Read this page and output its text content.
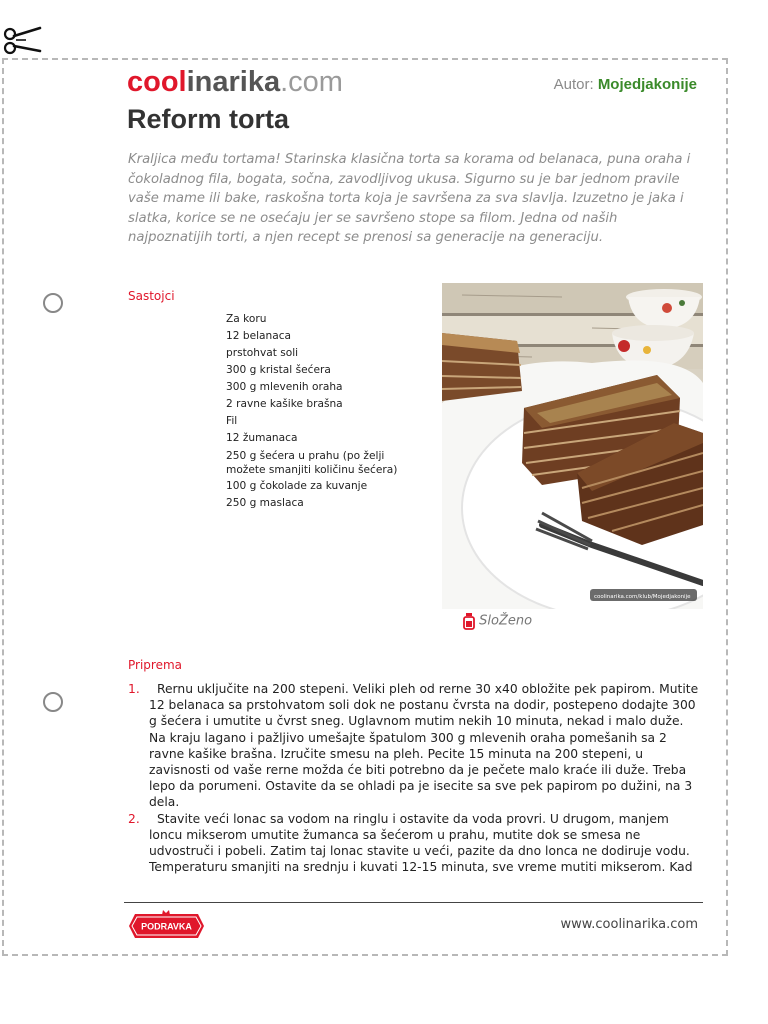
coolinarika.com	Autor: Mojedjakonije
Reform torta
Kraljica među tortama! Starinska klasična torta sa korama od belanaca, puna oraha i čokoladnog fila, bogata, sočna, zavodljivog ukusa. Sigurno su je bar jednom pravile vaše mame ili bake, raskošna torta koja je savršena za sva slavlja. Izuzetno je jaka i slatka, korice se ne osećaju jer se savršeno stope sa filom. Jedna od naših najpoznatijih torti, a njen recept se prenosi sa generacije na generaciju.
Sastojci
Za koru
12 belanaca
prstohvat soli
300 g kristal šećera
300 g mlevenih oraha
2 ravne kašike brašna
Fil
12 žumanaca
250 g šećera u prahu (po želji možete smanjiti količinu šećera)
100 g čokolade za kuvanje
250 g maslaca
coolinarika.com/klub/Mojedjakonije
SloŽeno
Priprema
1.	Rernu uključite na 200 stepeni. Veliki pleh od rerne 30 x40 obložite pek papirom. Mutite 12 belanaca sa prstohvatom soli dok ne postanu čvrsta na dodir, postepeno dodajte 300 g šećera i umutite u čvrst sneg. Uglavnom mutim nekih 10 minuta, nekad i malo duže. Na kraju lagano i pažljivo umešajte špatulom 300 g mlevenih oraha pomešanih sa 2 ravne kašike brašna. Izručite smesu na pleh. Pecite 15 minuta na 200 stepeni, u zavisnosti od vaše rerne možda će biti potrebno da je pečete malo kraće ili duže. Treba lepo da porumeni. Ostavite da se ohladi pa je isecite sa sve pek papirom po dužini, na 3 dela.
2.	Stavite veći lonac sa vodom na ringlu i ostavite da voda provri. U drugom, manjem loncu mikserom umutite žumanca sa šećerom u prahu, mutite dok se smesa ne udvostruči i pobeli. Zatim taj lonac stavite u veći, pazite da dno lonca ne dodiruje vodu. Temperaturu smanjiti na srednju i kuvati 12-15 minuta, sve vreme mutiti mikserom. Kad
PODRAVKA	www.coolinarika.com
